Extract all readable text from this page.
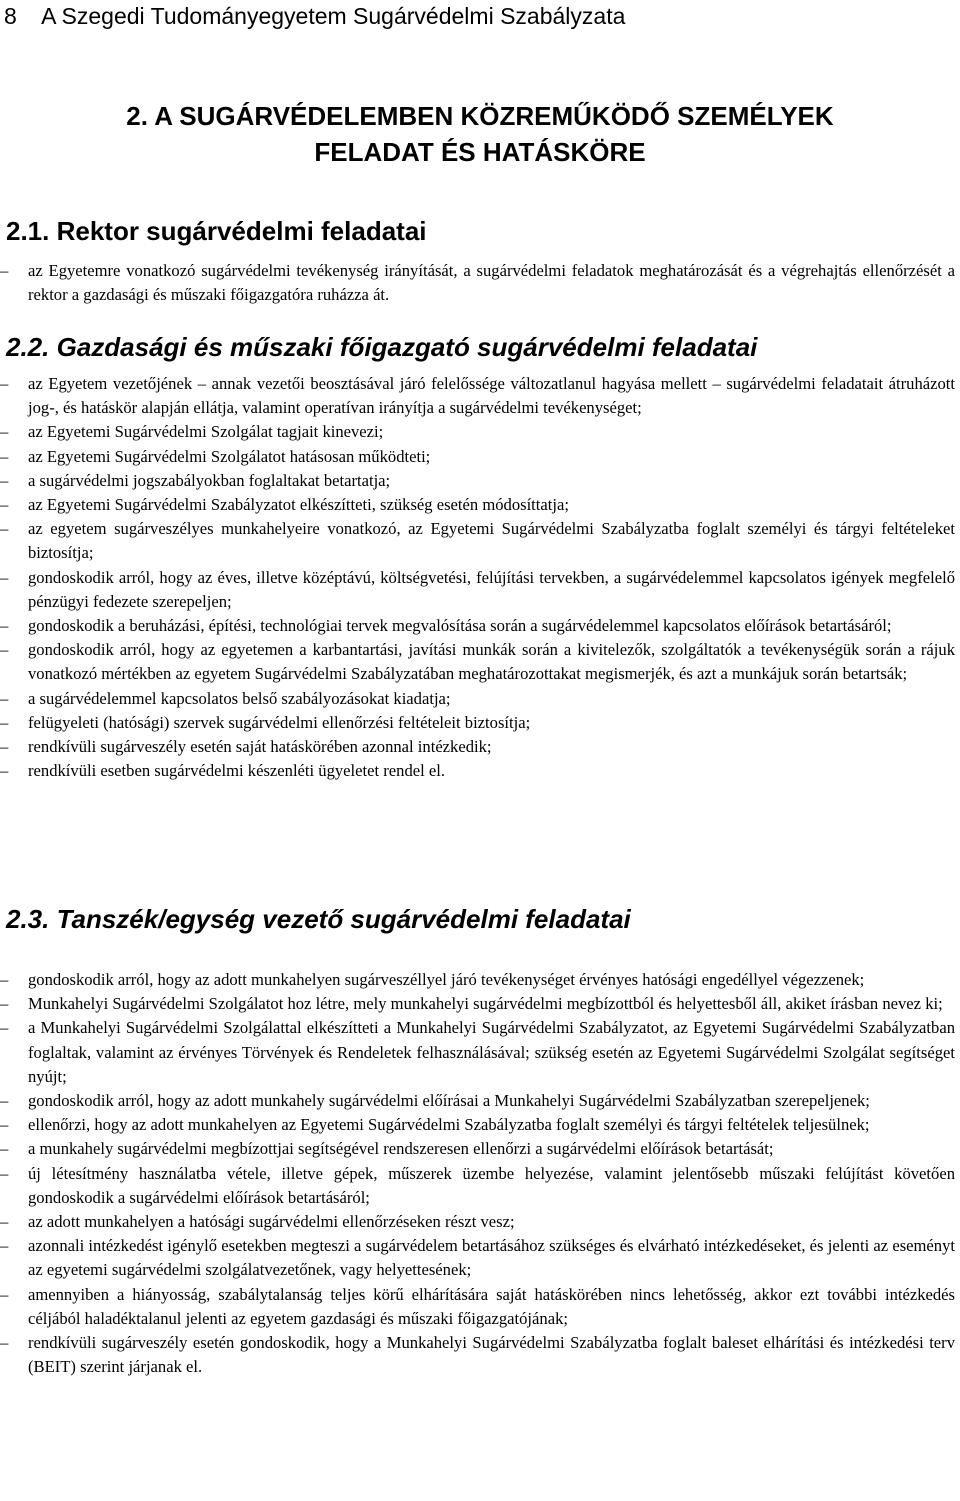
8    A Szegedi Tudományegyetem Sugárvédelmi Szabályzata
2. A SUGÁRVÉDELEMBEN KÖZREMŰKÖDŐ SZEMÉLYEK
FELADAT ÉS HATÁSKÖRE
2.1. Rektor sugárvédelmi feladatai
–	az Egyetemre vonatkozó sugárvédelmi tevékenység irányítását, a sugárvédelmi feladatok meghatározását és a végrehajtás ellenőrzését a rektor a gazdasági és műszaki főigazgatóra ruházza át.
2.2. Gazdasági és műszaki főigazgató sugárvédelmi feladatai
–	az Egyetem vezetőjének – annak vezetői beosztásával járó felelőssége változatlanul hagyása mellett – sugárvédelmi feladatait átruházott jog-, és hatáskör alapján ellátja, valamint operatívan irányítja a sugárvédelmi tevékenységet;
–	az Egyetemi Sugárvédelmi Szolgálat tagjait kinevezi;
–	az Egyetemi Sugárvédelmi Szolgálatot hatásosan működteti;
–	a sugárvédelmi jogszabályokban foglaltakat betartatja;
–	az Egyetemi Sugárvédelmi Szabályzatot elkészítteti, szükség esetén módosíttatja;
–	az egyetem sugárveszélyes munkahelyeire vonatkozó, az Egyetemi Sugárvédelmi Szabályzatba foglalt személyi és tárgyi feltételeket biztosítja;
–	gondoskodik arról, hogy az éves, illetve középtávú, költségvetési, felújítási tervekben, a sugárvédelemmel kapcsolatos igények megfelelő pénzügyi fedezete szerepeljen;
–	gondoskodik a beruházási, építési, technológiai tervek megvalósítása során a sugárvédelemmel kapcsolatos előírások betartásáról;
–	gondoskodik arról, hogy az egyetemen a karbantartási, javítási munkák során a kivitelezők, szolgáltatók a tevékenységük során a rájuk vonatkozó mértékben az egyetem Sugárvédelmi Szabályzatában meghatározottakat megismerjék, és azt a munkájuk során betartsák;
–	a sugárvédelemmel kapcsolatos belső szabályozásokat kiadatja;
–	felügyeleti (hatósági) szervek sugárvédelmi ellenőrzési feltételeit biztosítja;
–	rendkívüli sugárveszély esetén saját hatáskörében azonnal intézkedik;
–	rendkívüli esetben sugárvédelmi készenléti ügyeletet rendel el.
2.3. Tanszék/egység vezető sugárvédelmi feladatai
–	gondoskodik arról, hogy az adott munkahelyen sugárveszéllyel járó tevékenységet érvényes hatósági engedéllyel végezzenek;
–	Munkahelyi Sugárvédelmi Szolgálatot hoz létre, mely munkahelyi sugárvédelmi megbízottból és helyettesből áll, akiket írásban nevez ki;
–	a Munkahelyi Sugárvédelmi Szolgálattal elkészítteti a Munkahelyi Sugárvédelmi Szabályzatot, az Egyetemi Sugárvédelmi Szabályzatban foglaltak, valamint az érvényes Törvények és Rendeletek felhasználásával; szükség esetén az Egyetemi Sugárvédelmi Szolgálat segítséget nyújt;
–	gondoskodik arról, hogy az adott munkahely sugárvédelmi előírásai a Munkahelyi Sugárvédelmi Szabályzatban szerepeljenek;
–	ellenőrzi, hogy az adott munkahelyen az Egyetemi Sugárvédelmi Szabályzatba foglalt személyi és tárgyi feltételek teljesülnek;
–	a munkahely sugárvédelmi megbízottjai segítségével rendszeresen ellenőrzi a sugárvédelmi előírások betartását;
–	új létesítmény használatba vétele, illetve gépek, műszerek üzembe helyezése, valamint jelentősebb műszaki felújítást követően gondoskodik a sugárvédelmi előírások betartásáról;
–	az adott munkahelyen a hatósági sugárvédelmi ellenőrzéseken részt vesz;
–	azonnali intézkedést igénylő esetekben megteszi a sugárvédelem betartásához szükséges és elvárható intézkedéseket, és jelenti az eseményt az egyetemi sugárvédelmi szolgálatvezetőnek, vagy helyettesének;
–	amennyiben a hiányosság, szabálytalanság teljes körű elhárítására saját hatáskörében nincs lehetősség, akkor ezt további intézkedés céljából haladéktalanul jelenti az egyetem gazdasági és műszaki főigazgatójának;
–	rendkívüli sugárveszély esetén gondoskodik, hogy a Munkahelyi Sugárvédelmi Szabályzatba foglalt baleset elhárítási és intézkedési terv (BEIT) szerint járjanak el.
